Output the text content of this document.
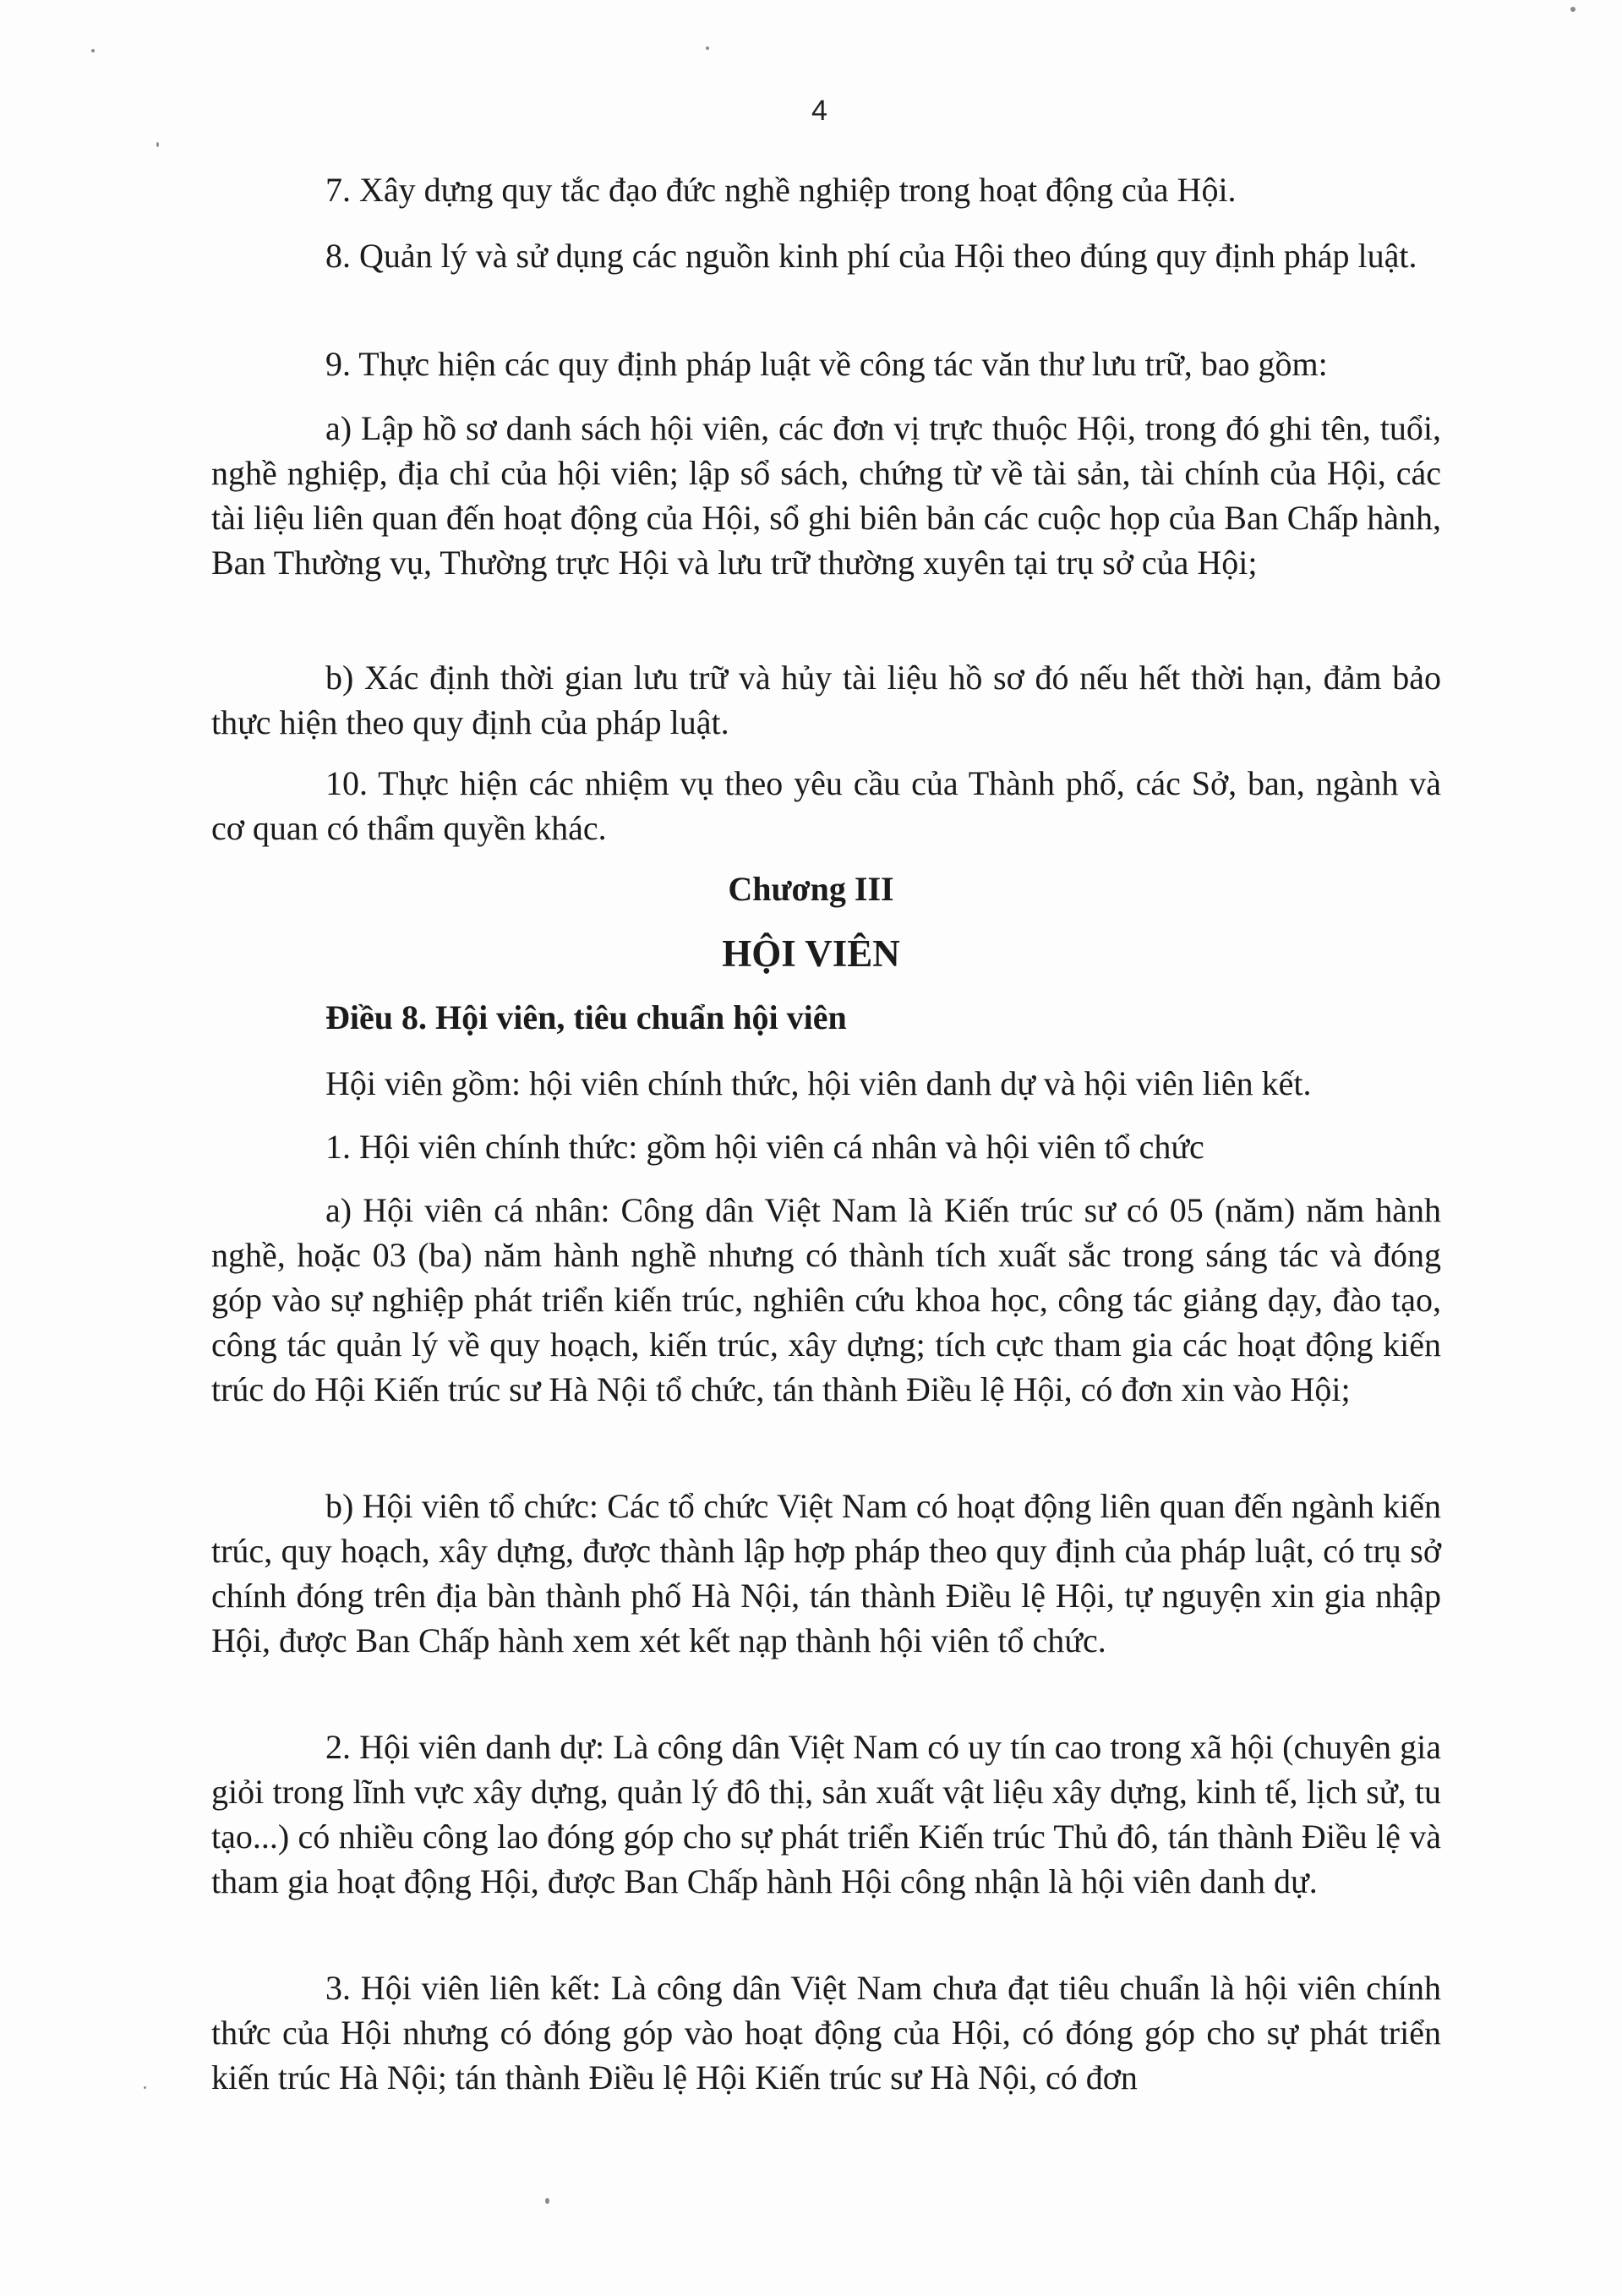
4

7. Xây dựng quy tắc đạo đức nghề nghiệp trong hoạt động của Hội.

8. Quản lý và sử dụng các nguồn kinh phí của Hội theo đúng quy định pháp luật.

9. Thực hiện các quy định pháp luật về công tác văn thư lưu trữ, bao gồm:

a) Lập hồ sơ danh sách hội viên, các đơn vị trực thuộc Hội, trong đó ghi tên, tuổi, nghề nghiệp, địa chỉ của hội viên; lập sổ sách, chứng từ về tài sản, tài chính của Hội, các tài liệu liên quan đến hoạt động của Hội, sổ ghi biên bản các cuộc họp của Ban Chấp hành, Ban Thường vụ, Thường trực Hội và lưu trữ thường xuyên tại trụ sở của Hội;

b) Xác định thời gian lưu trữ và hủy tài liệu hồ sơ đó nếu hết thời hạn, đảm bảo thực hiện theo quy định của pháp luật.

10. Thực hiện các nhiệm vụ theo yêu cầu của Thành phố, các Sở, ban, ngành và cơ quan có thẩm quyền khác.

Chương III
HỘI VIÊN
Điều 8. Hội viên, tiêu chuẩn hội viên

Hội viên gồm: hội viên chính thức, hội viên danh dự và hội viên liên kết.

1. Hội viên chính thức: gồm hội viên cá nhân và hội viên tổ chức

a) Hội viên cá nhân: Công dân Việt Nam là Kiến trúc sư có 05 (năm) năm hành nghề, hoặc 03 (ba) năm hành nghề nhưng có thành tích xuất sắc trong sáng tác và đóng góp vào sự nghiệp phát triển kiến trúc, nghiên cứu khoa học, công tác giảng dạy, đào tạo, công tác quản lý về quy hoạch, kiến trúc, xây dựng; tích cực tham gia các hoạt động kiến trúc do Hội Kiến trúc sư Hà Nội tổ chức, tán thành Điều lệ Hội, có đơn xin vào Hội;

b) Hội viên tổ chức: Các tổ chức Việt Nam có hoạt động liên quan đến ngành kiến trúc, quy hoạch, xây dựng, được thành lập hợp pháp theo quy định của pháp luật, có trụ sở chính đóng trên địa bàn thành phố Hà Nội, tán thành Điều lệ Hội, tự nguyện xin gia nhập Hội, được Ban Chấp hành xem xét kết nạp thành hội viên tổ chức.

2. Hội viên danh dự: Là công dân Việt Nam có uy tín cao trong xã hội (chuyên gia giỏi trong lĩnh vực xây dựng, quản lý đô thị, sản xuất vật liệu xây dựng, kinh tế, lịch sử, tu tạo...) có nhiều công lao đóng góp cho sự phát triển Kiến trúc Thủ đô, tán thành Điều lệ và tham gia hoạt động Hội, được Ban Chấp hành Hội công nhận là hội viên danh dự.

3. Hội viên liên kết: Là công dân Việt Nam chưa đạt tiêu chuẩn là hội viên chính thức của Hội nhưng có đóng góp vào hoạt động của Hội, có đóng góp cho sự phát triển kiến trúc Hà Nội; tán thành Điều lệ Hội Kiến trúc sư Hà Nội, có đơn
